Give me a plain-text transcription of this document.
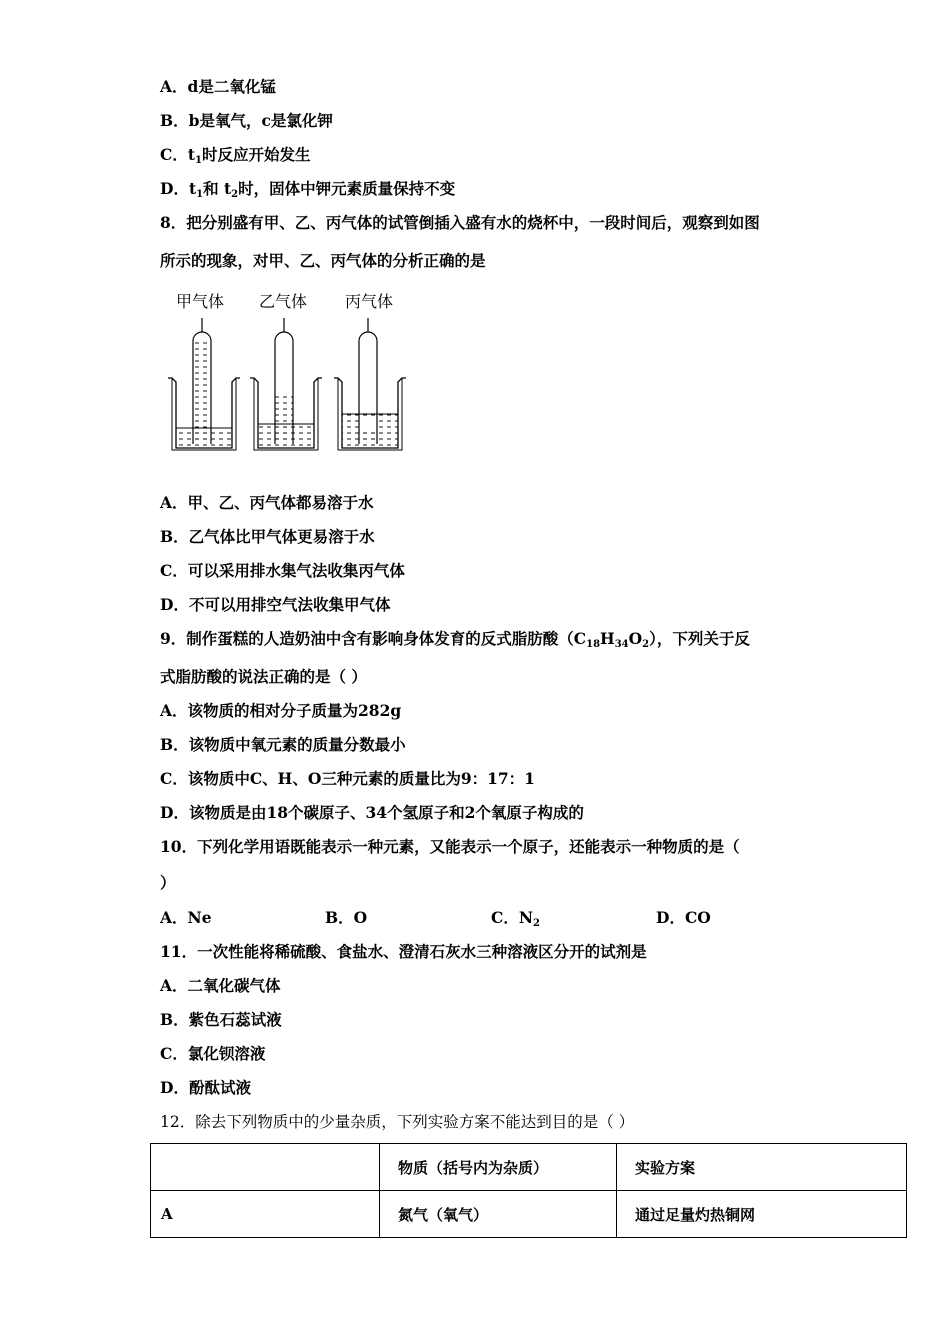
A．d是二氧化锰
B．b是氧气，c是氯化钾
C．$t_1$时反应开始发生
D．$t_1$和 $t_2$时，固体中钾元素质量保持不变
8．把分别盛有甲、乙、丙气体的试管倒插入盛有水的烧杯中，一段时间后，观察到如图
所示的现象，对甲、乙、丙气体的分析正确的是
甲气体 乙气体 丙气体
A．甲、乙、丙气体都易溶于水
B．乙气体比甲气体更易溶于水
C．可以采用排水集气法收集丙气体
D．不可以用排空气法收集甲气体
9．制作蛋糕的人造奶油中含有影响身体发育的反式脂肪酸$(C_{18}H_{34}O_2)$，下列关于反
式脂肪酸的说法正确的是（ ）
A．该物质的相对分子质量为282g
B．该物质中氧元素的质量分数最小
C．该物质中C、H、O三种元素的质量比为9：17：1
D．该物质是由18个碳原子、34个氢原子和2个氧原子构成的
10．下列化学用语既能表示一种元素，又能表示一个原子，还能表示一种物质的是（
）
A．Ne	B．O	C．$N_2$	D．CO
11．一次性能将稀硫酸、食盐水、澄清石灰水三种溶液区分开的试剂是
A．二氧化碳气体
B．紫色石蕊试液
C．氯化钡溶液
D．酚酞试液
12．除去下列物质中的少量杂质，下列实验方案不能达到目的是（ ）
	物质（括号内为杂质）	实验方案
A	氮气（氧气）	通过足量灼热铜网
